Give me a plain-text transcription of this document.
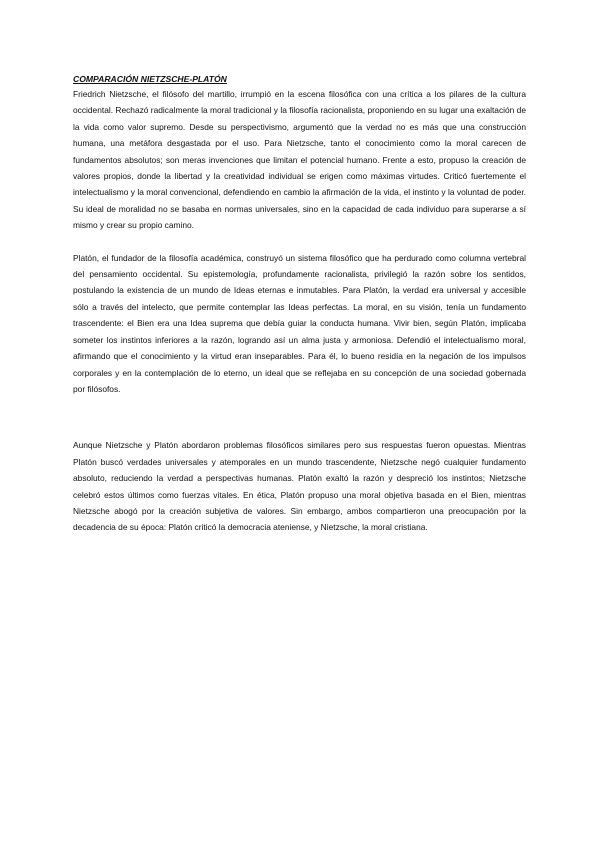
COMPARACIÓN NIETZSCHE-PLATÓN

Friedrich Nietzsche, el filósofo del martillo, irrumpió en la escena filosófica con una crítica a los pilares de la cultura occidental. Rechazó radicalmente la moral tradicional y la filosofía racionalista, proponiendo en su lugar una exaltación de la vida como valor supremo. Desde su perspectivismo, argumentó que la verdad no es más que una construcción humana, una metáfora desgastada por el uso. Para Nietzsche, tanto el conocimiento como la moral carecen de fundamentos absolutos; son meras invenciones que limitan el potencial humano. Frente a esto, propuso la creación de valores propios, donde la libertad y la creatividad individual se erigen como máximas virtudes. Criticó fuertemente el intelectualismo y la moral convencional, defendiendo en cambio la afirmación de la vida, el instinto y la voluntad de poder. Su ideal de moralidad no se basaba en normas universales, sino en la capacidad de cada individuo para superarse a sí mismo y crear su propio camino.

Platón, el fundador de la filosofía académica, construyó un sistema filosófico que ha perdurado como columna vertebral del pensamiento occidental. Su epistemología, profundamente racionalista, privilegió la razón sobre los sentidos, postulando la existencia de un mundo de Ideas eternas e inmutables. Para Platón, la verdad era universal y accesible sólo a través del intelecto, que permite contemplar las Ideas perfectas. La moral, en su visión, tenía un fundamento trascendente: el Bien era una Idea suprema que debía guiar la conducta humana. Vivir bien, según Platón, implicaba someter los instintos inferiores a la razón, logrando así un alma justa y armoniosa. Defendió el intelectualismo moral, afirmando que el conocimiento y la virtud eran inseparables. Para él, lo bueno residía en la negación de los impulsos corporales y en la contemplación de lo eterno, un ideal que se reflejaba en su concepción de una sociedad gobernada por filósofos.

Aunque Nietzsche y Platón abordaron problemas filosóficos similares pero sus respuestas fueron opuestas. Mientras Platón buscó verdades universales y atemporales en un mundo trascendente, Nietzsche negó cualquier fundamento absoluto, reduciendo la verdad a perspectivas humanas. Platón exaltó la razón y despreció los instintos; Nietzsche celebró estos últimos como fuerzas vitales. En ética, Platón propuso una moral objetiva basada en el Bien, mientras Nietzsche abogó por la creación subjetiva de valores. Sin embargo, ambos compartieron una preocupación por la decadencia de su época: Platón criticó la democracia ateniense, y Nietzsche, la moral cristiana.
